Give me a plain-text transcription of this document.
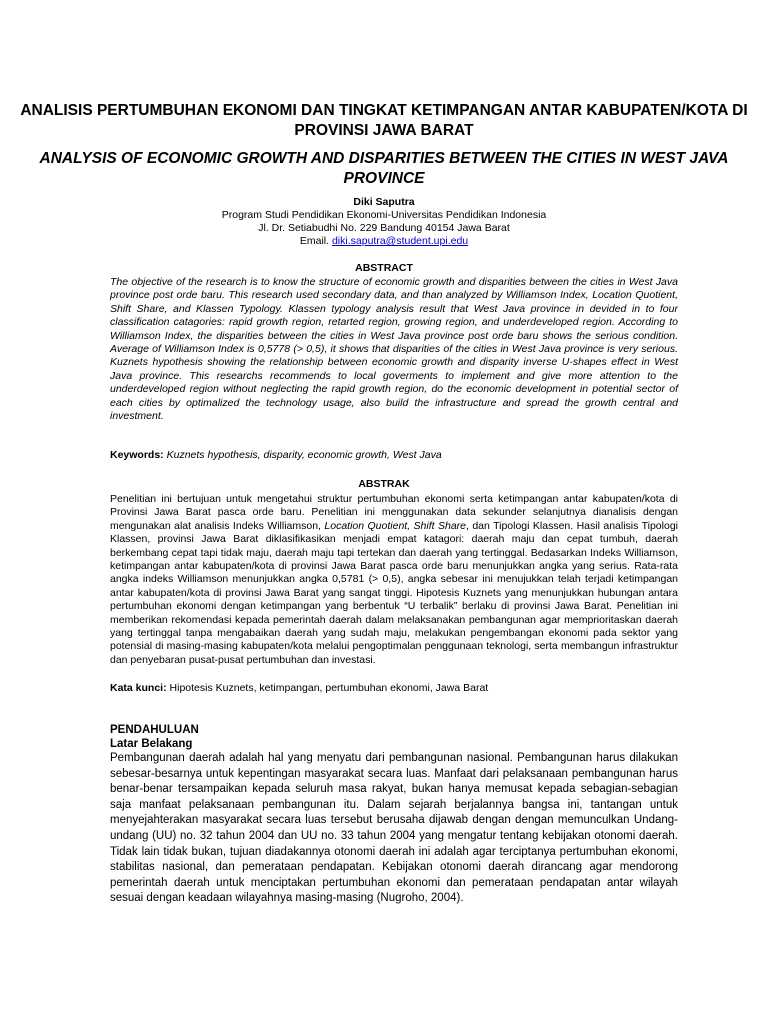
ANALISIS PERTUMBUHAN EKONOMI DAN TINGKAT KETIMPANGAN ANTAR KABUPATEN/KOTA DI PROVINSI JAWA BARAT
ANALYSIS OF ECONOMIC GROWTH AND DISPARITIES BETWEEN THE CITIES IN WEST JAVA PROVINCE
Diki Saputra
Program Studi Pendidikan Ekonomi-Universitas Pendidikan Indonesia
Jl. Dr. Setiabudhi No. 229 Bandung 40154 Jawa Barat
Email. diki.saputra@student.upi.edu
ABSTRACT
The objective of the research is to know the structure of economic growth and disparities between the cities in West Java province post orde baru. This research used secondary data, and than analyzed by Williamson Index, Location Quotient, Shift Share, and Klassen Typology. Klassen typology analysis result that West Java province in devided in to four classification catagories: rapid growth region, retarted region, growing region, and underdeveloped region. According to Williamson Index, the disparities between the cities in West Java province post orde baru shows the serious condition. Average of Williamson Index is 0,5778 (> 0,5), it shows that disparities of the cities in West Java province is very serious. Kuznets hypothesis showing the relationship between economic growth and disparity inverse U-shapes effect in West Java province. This researchs recommends to local goverments to implement and give more attention to the underdeveloped region without neglecting the rapid growth region, do the economic development in potential sector of each cities by optimalized the technology usage, also build the infrastructure and spread the growth central and investment.
Keywords: Kuznets hypothesis, disparity, economic growth, West Java
ABSTRAK
Penelitian ini bertujuan untuk mengetahui struktur pertumbuhan ekonomi serta ketimpangan antar kabupaten/kota di Provinsi Jawa Barat pasca orde baru. Penelitian ini menggunakan data sekunder selanjutnya dianalisis dengan mengunakan alat analisis Indeks Williamson, Location Quotient, Shift Share, dan Tipologi Klassen. Hasil analisis Tipologi Klassen, provinsi Jawa Barat diklasifikasikan menjadi empat katagori: daerah maju dan cepat tumbuh, daerah berkembang cepat tapi tidak maju, daerah maju tapi tertekan dan daerah yang tertinggal. Bedasarkan Indeks Williamson, ketimpangan antar kabupaten/kota di provinsi Jawa Barat pasca orde baru menunjukkan angka yang serius. Rata-rata angka indeks Williamson menunjukkan angka 0,5781 (> 0,5), angka sebesar ini menujukkan telah terjadi ketimpangan antar kabupaten/kota di provinsi Jawa Barat yang sangat tinggi. Hipotesis Kuznets yang menunjukkan hubungan antara pertumbuhan ekonomi dengan ketimpangan yang berbentuk “U terbalik” berlaku di provinsi Jawa Barat. Penelitian ini memberikan rekomendasi kepada pemerintah daerah dalam melaksanakan pembangunan agar memprioritaskan daerah yang tertinggal tanpa mengabaikan daerah yang sudah maju, melakukan pengembangan ekonomi pada sektor yang potensial di masing-masing kabupaten/kota melalui pengoptimalan penggunaan teknologi, serta membangun infrastruktur dan penyebaran pusat-pusat pertumbuhan dan investasi.
Kata kunci: Hipotesis Kuznets, ketimpangan, pertumbuhan ekonomi, Jawa Barat
PENDAHULUAN
Latar Belakang
Pembangunan daerah adalah hal yang menyatu dari pembangunan nasional. Pembangunan harus dilakukan sebesar-besarnya untuk kepentingan masyarakat secara luas. Manfaat dari pelaksanaan pembangunan harus benar-benar tersampaikan kepada seluruh masa rakyat, bukan hanya memusat kepada sebagian-sebagian saja manfaat pelaksanaan pembangunan itu. Dalam sejarah berjalannya bangsa ini, tantangan untuk menyejahterakan masyarakat secara luas tersebut berusaha dijawab dengan dengan memunculkan Undang-undang (UU) no. 32 tahun 2004 dan UU no. 33 tahun 2004 yang mengatur tentang kebijakan otonomi daerah. Tidak lain tidak bukan, tujuan diadakannya otonomi daerah ini adalah agar terciptanya pertumbuhan ekonomi, stabilitas nasional, dan pemerataan pendapatan. Kebijakan otonomi daerah dirancang agar mendorong pemerintah daerah untuk menciptakan pertumbuhan ekonomi dan pemerataan pendapatan antar wilayah sesuai dengan keadaan wilayahnya masing-masing (Nugroho, 2004).
